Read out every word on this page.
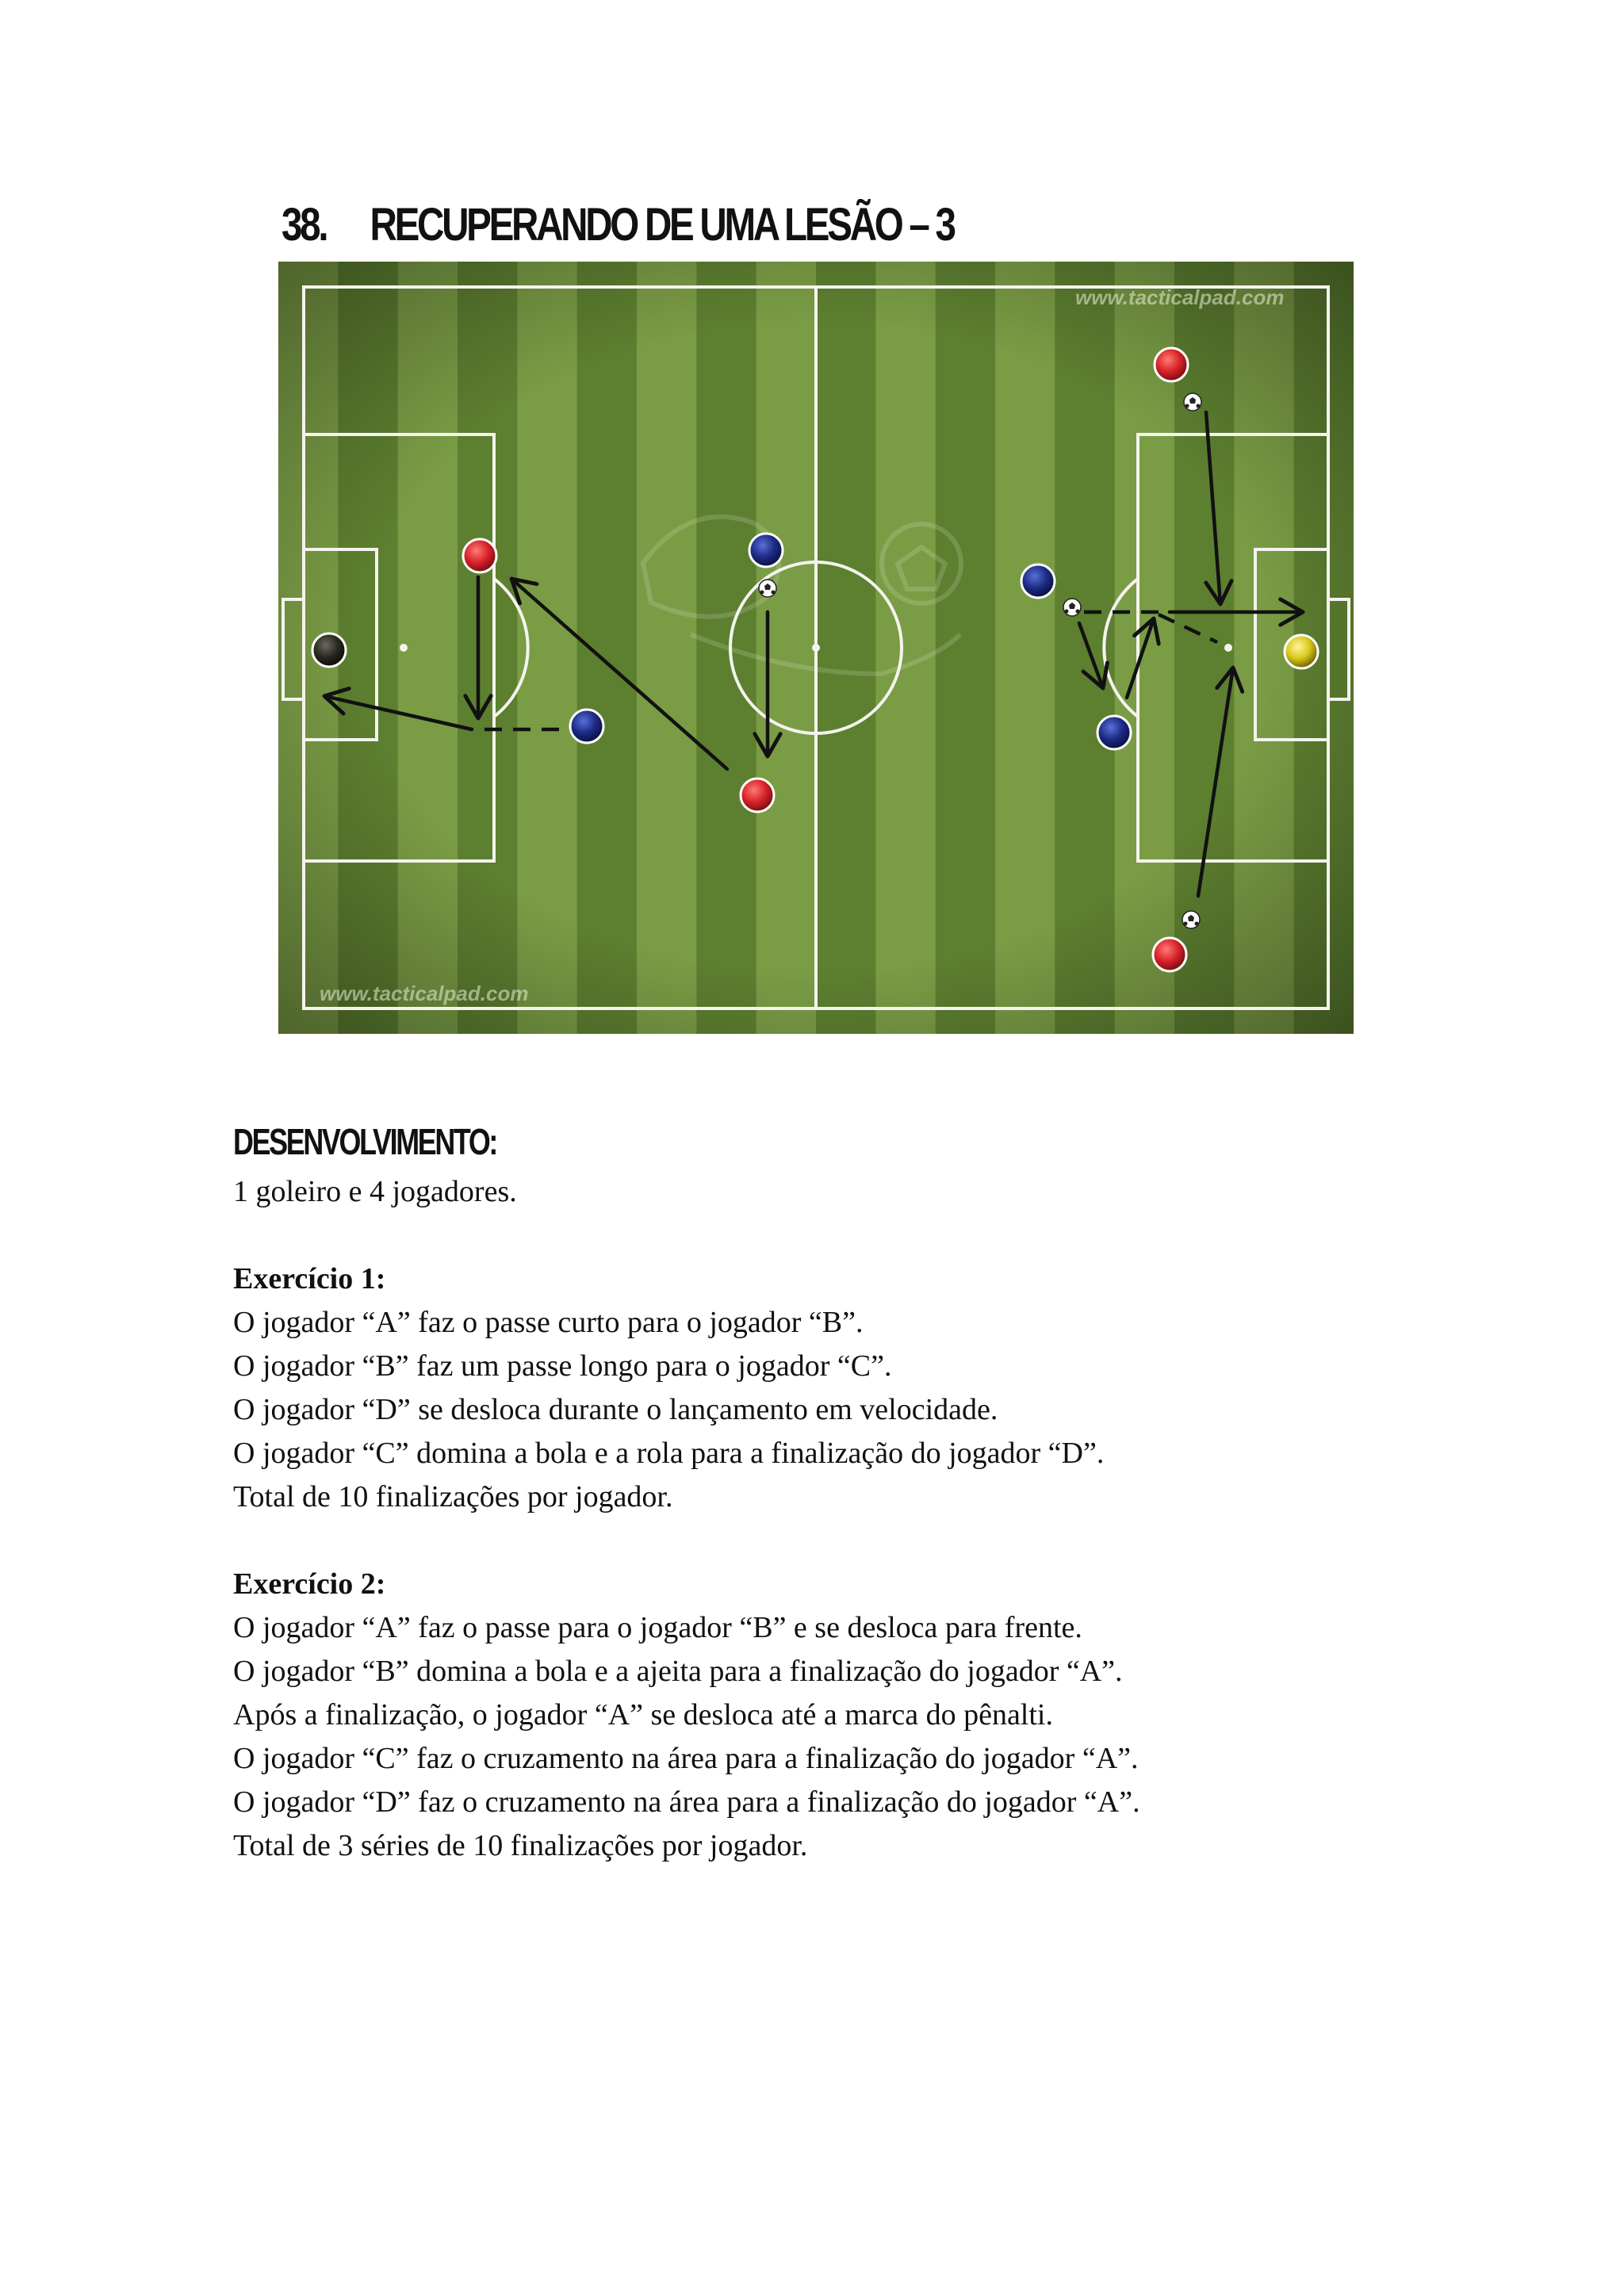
38. RECUPERANDO DE UMA LESÃO – 3
www.tacticalpad.com
www.tacticalpad.com
DESENVOLVIMENTO:
1 goleiro e 4 jogadores.
Exercício 1:
O jogador “A” faz o passe curto para o jogador “B”.
O jogador “B” faz um passe longo para o jogador “C”.
O jogador “D” se desloca durante o lançamento em velocidade.
O jogador “C” domina a bola e a rola para a finalização do jogador “D”.
Total de 10 finalizações por jogador.
Exercício 2:
O jogador “A” faz o passe para o jogador “B” e se desloca para frente.
O jogador “B” domina a bola e a ajeita para a finalização do jogador “A”.
Após a finalização, o jogador “A” se desloca até a marca do pênalti.
O jogador “C” faz o cruzamento na área para a finalização do jogador “A”.
O jogador “D” faz o cruzamento na área para a finalização do jogador “A”.
Total de 3 séries de 10 finalizações por jogador.
